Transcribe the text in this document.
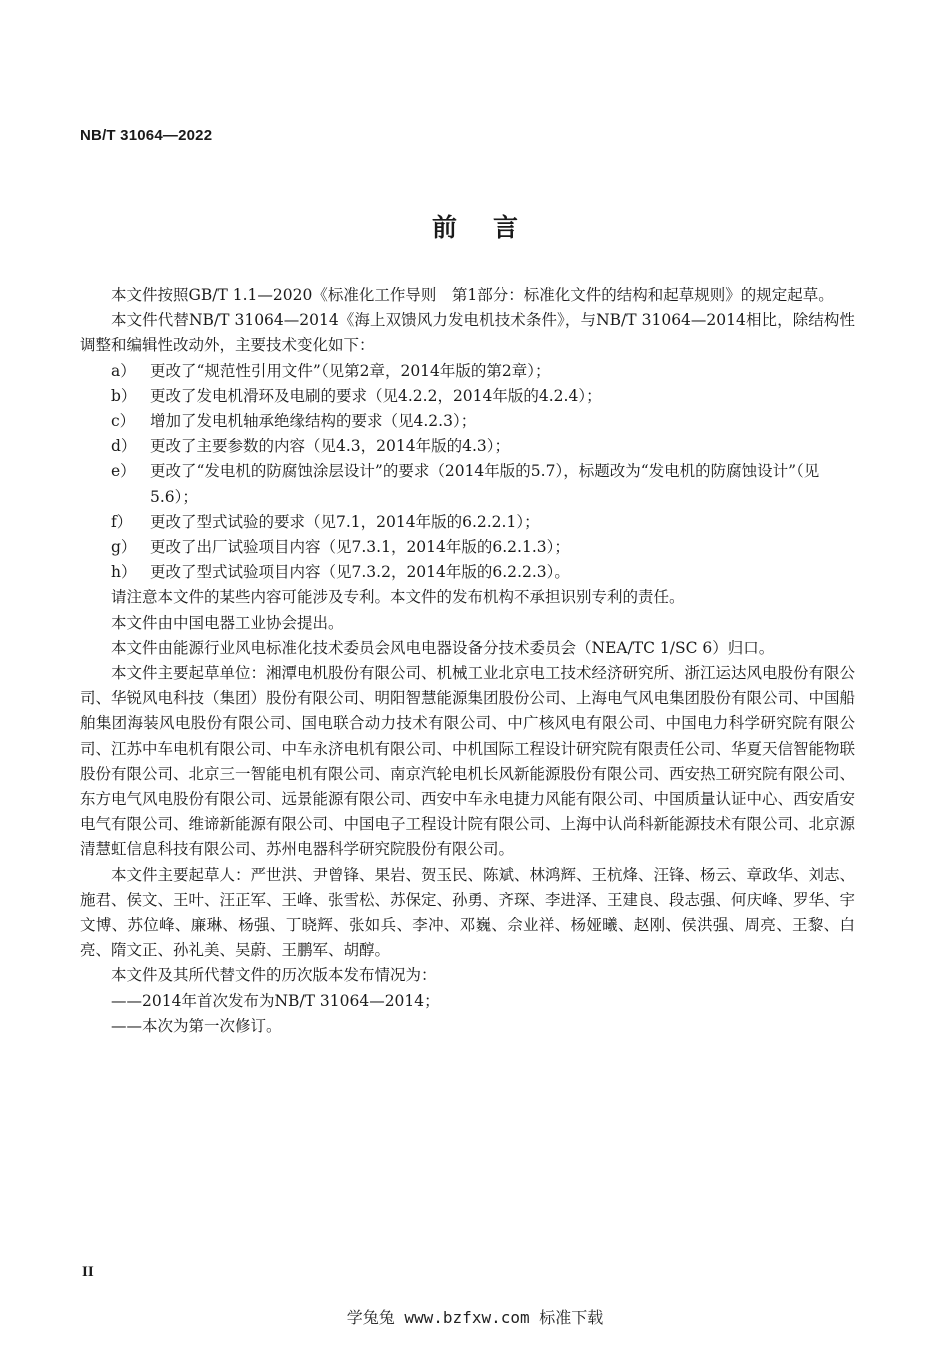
NB/T 31064—2022
前言

本文件按照GB/T 1.1—2020《标准化工作导则　第1部分：标准化文件的结构和起草规则》的规定起草。

本文件代替NB/T 31064—2014《海上双馈风力发电机技术条件》，与NB/T 31064—2014相比，除结构性调整和编辑性改动外，主要技术变化如下：

a） 更改了“规范性引用文件”（见第2章，2014年版的第2章）；
b） 更改了发电机滑环及电刷的要求（见4.2.2，2014年版的4.2.4）；
c） 增加了发电机轴承绝缘结构的要求（见4.2.3）；
d） 更改了主要参数的内容（见4.3，2014年版的4.3）；
e） 更改了“发电机的防腐蚀涂层设计”的要求（2014年版的5.7），标题改为“发电机的防腐蚀设计”（见5.6）；
f）	更改了型式试验的要求（见7.1，2014年版的6.2.2.1）；
g） 更改了出厂试验项目内容（见7.3.1，2014年版的6.2.1.3）；
h） 更改了型式试验项目内容（见7.3.2，2014年版的6.2.2.3）。

请注意本文件的某些内容可能涉及专利。本文件的发布机构不承担识别专利的责任。

本文件由中国电器工业协会提出。

本文件由能源行业风电标准化技术委员会风电电器设备分技术委员会（NEA/TC 1/SC 6）归口。

本文件主要起草单位：湘潭电机股份有限公司、机械工业北京电工技术经济研究所、浙江运达风电股份有限公司、华锐风电科技（集团）股份有限公司、明阳智慧能源集团股份公司、上海电气风电集团股份有限公司、中国船舶集团海装风电股份有限公司、国电联合动力技术有限公司、中广核风电有限公司、中国电力科学研究院有限公司、江苏中车电机有限公司、中车永济电机有限公司、中机国际工程设计研究院有限责任公司、华夏天信智能物联股份有限公司、北京三一智能电机有限公司、南京汽轮电机长风新能源股份有限公司、西安热工研究院有限公司、东方电气风电股份有限公司、远景能源有限公司、西安中车永电捷力风能有限公司、中国质量认证中心、西安盾安电气有限公司、维谛新能源有限公司、中国电子工程设计院有限公司、上海中认尚科新能源技术有限公司、北京源清慧虹信息科技有限公司、苏州电器科学研究院股份有限公司。

本文件主要起草人：严世洪、尹曾锋、果岩、贺玉民、陈斌、林鸿辉、王杭烽、汪锋、杨云、章政华、刘志、施君、侯文、王叶、汪正军、王峰、张雪松、苏保定、孙勇、齐琛、李进泽、王建良、段志强、何庆峰、罗华、宇文博、苏位峰、廉琳、杨强、丁晓辉、张如兵、李冲、邓巍、佘业祥、杨娅曦、赵刚、侯洪强、周亮、王黎、白亮、隋文正、孙礼美、吴蔚、王鹏军、胡醇。

本文件及其所代替文件的历次版本发布情况为：

——2014年首次发布为NB/T 31064—2014；

——本次为第一次修订。

II
学兔兔 www.bzfxw.com 标准下载
